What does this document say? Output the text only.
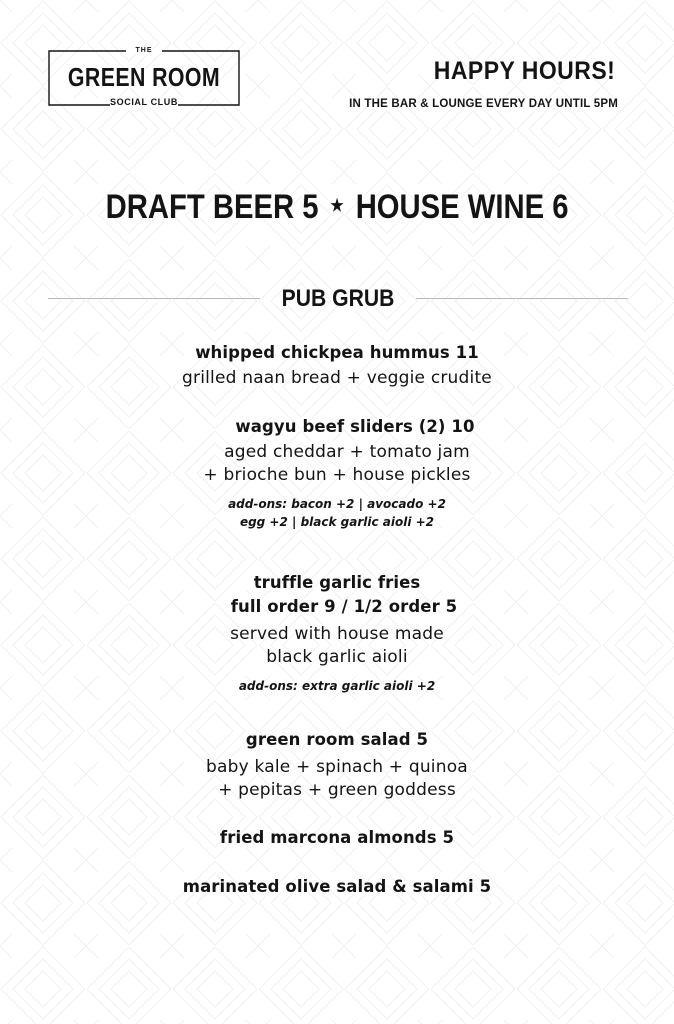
THE
GREEN ROOM
SOCIAL CLUB
HAPPY HOURS!
IN THE BAR & LOUNGE EVERY DAY UNTIL 5PM
DRAFT BEER 5 ★ HOUSE WINE 6
PUB GRUB
whipped chickpea hummus 11
grilled naan bread + veggie crudite
wagyu beef sliders (2) 10
aged cheddar + tomato jam
+ brioche bun + house pickles
add-ons: bacon +2 | avocado +2
egg +2 | black garlic aioli +2
truffle garlic fries
full order 9 / 1/2 order 5
served with house made
black garlic aioli
add-ons: extra garlic aioli +2
green room salad 5
baby kale + spinach + quinoa
+ pepitas + green goddess
fried marcona almonds 5
marinated olive salad & salami 5
